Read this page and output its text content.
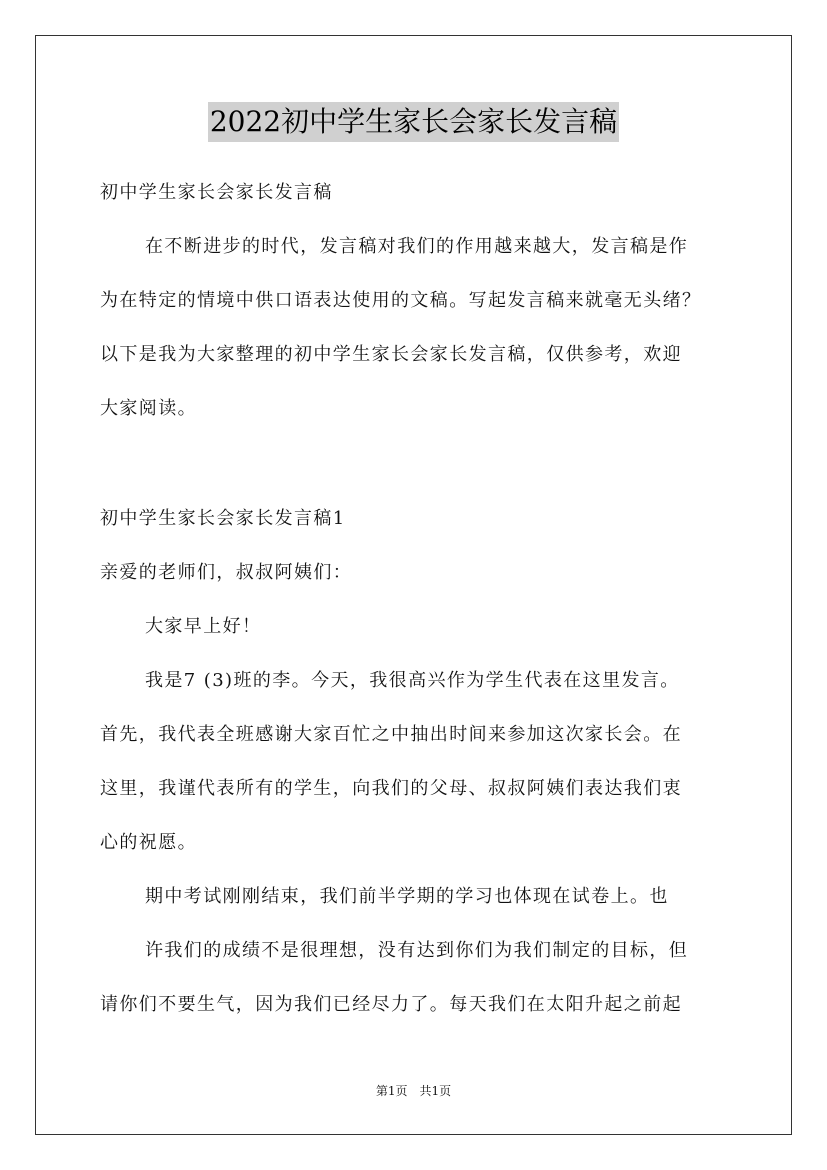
2022初中学生家长会家长发言稿
初中学生家长会家长发言稿
在不断进步的时代，发言稿对我们的作用越来越大，发言稿是作
为在特定的情境中供口语表达使用的文稿。写起发言稿来就毫无头绪？
以下是我为大家整理的初中学生家长会家长发言稿，仅供参考，欢迎
大家阅读。
初中学生家长会家长发言稿1
亲爱的老师们，叔叔阿姨们：
大家早上好！
我是7 (3)班的李。今天，我很高兴作为学生代表在这里发言。
首先，我代表全班感谢大家百忙之中抽出时间来参加这次家长会。在
这里，我谨代表所有的学生，向我们的父母、叔叔阿姨们表达我们衷
心的祝愿。
期中考试刚刚结束，我们前半学期的学习也体现在试卷上。也
许我们的成绩不是很理想，没有达到你们为我们制定的目标，但
请你们不要生气，因为我们已经尽力了。每天我们在太阳升起之前起
第1页　共1页
